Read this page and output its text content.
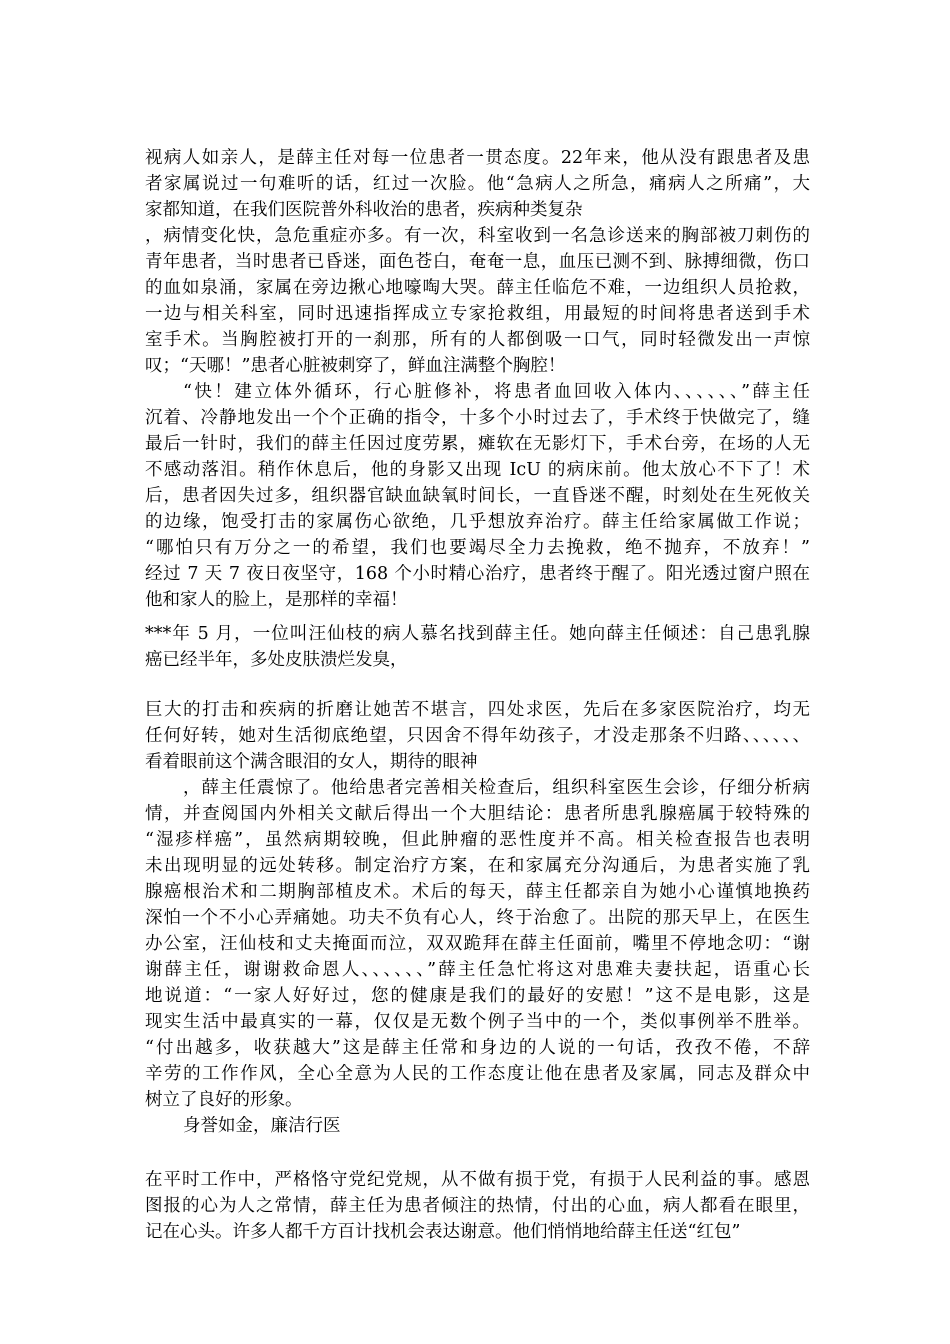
视病人如亲人，是薛主任对每一位患者一贯态度。22年来，他从没有跟患者及患
者家属说过一句难听的话，红过一次脸。他“急病人之所急，痛病人之所痛”，大
家都知道，在我们医院普外科收治的患者，疾病种类复杂
，病情变化快，急危重症亦多。有一次，科室收到一名急诊送来的胸部被刀刺伤的
青年患者，当时患者已昏迷，面色苍白，奄奄一息，血压已测不到、脉搏细微，伤口
的血如泉涌，家属在旁边揪心地嚎啕大哭。薛主任临危不难，一边组织人员抢救，
一边与相关科室，同时迅速指挥成立专家抢救组，用最短的时间将患者送到手术
室手术。当胸腔被打开的一刹那，所有的人都倒吸一口气，同时轻微发出一声惊
叹；“天哪！”患者心脏被刺穿了，鲜血注满整个胸腔！
“快！建立体外循环，行心脏修补，将患者血回收入体内、、、、、、”薛主任
沉着、冷静地发出一个个正确的指令，十多个小时过去了，手术终于快做完了，缝
最后一针时，我们的薛主任因过度劳累，瘫软在无影灯下，手术台旁，在场的人无
不感动落泪。稍作休息后，他的身影又出现 IcU 的病床前。他太放心不下了！术
后，患者因失过多，组织器官缺血缺氧时间长，一直昏迷不醒，时刻处在生死攸关
的边缘，饱受打击的家属伤心欲绝，几乎想放弃治疗。薛主任给家属做工作说；
“哪怕只有万分之一的希望，我们也要竭尽全力去挽救，绝不抛弃，不放弃！”
经过 7 天 7 夜日夜坚守，168 个小时精心治疗，患者终于醒了。阳光透过窗户照在
他和家人的脸上，是那样的幸福！
***年 5 月，一位叫汪仙枝的病人慕名找到薛主任。她向薛主任倾述：自己患乳腺
癌已经半年，多处皮肤溃烂发臭，
巨大的打击和疾病的折磨让她苦不堪言，四处求医，先后在多家医院治疗，均无
任何好转，她对生活彻底绝望，只因舍不得年幼孩子，才没走那条不归路、、、、、、
看着眼前这个满含眼泪的女人，期待的眼神
，薛主任震惊了。他给患者完善相关检查后，组织科室医生会诊，仔细分析病
情，并查阅国内外相关文献后得出一个大胆结论：患者所患乳腺癌属于较特殊的
“湿疹样癌”，虽然病期较晚，但此肿瘤的恶性度并不高。相关检查报告也表明
未出现明显的远处转移。制定治疗方案，在和家属充分沟通后，为患者实施了乳
腺癌根治术和二期胸部植皮术。术后的每天，薛主任都亲自为她小心谨慎地换药
深怕一个不小心弄痛她。功夫不负有心人，终于治愈了。出院的那天早上，在医生
办公室，汪仙枝和丈夫掩面而泣，双双跪拜在薛主任面前，嘴里不停地念叨：“谢
谢薛主任，谢谢救命恩人、、、、、、”薛主任急忙将这对患难夫妻扶起，语重心长
地说道：“一家人好好过，您的健康是我们的最好的安慰！”这不是电影，这是
现实生活中最真实的一幕，仅仅是无数个例子当中的一个，类似事例举不胜举。
“付出越多，收获越大”这是薛主任常和身边的人说的一句话，孜孜不倦，不辞
辛劳的工作作风，全心全意为人民的工作态度让他在患者及家属，同志及群众中
树立了良好的形象。
身誉如金，廉洁行医
在平时工作中，严格恪守党纪党规，从不做有损于党，有损于人民利益的事。感恩
图报的心为人之常情，薛主任为患者倾注的热情，付出的心血，病人都看在眼里，
记在心头。许多人都千方百计找机会表达谢意。他们悄悄地给薛主任送“红包”
